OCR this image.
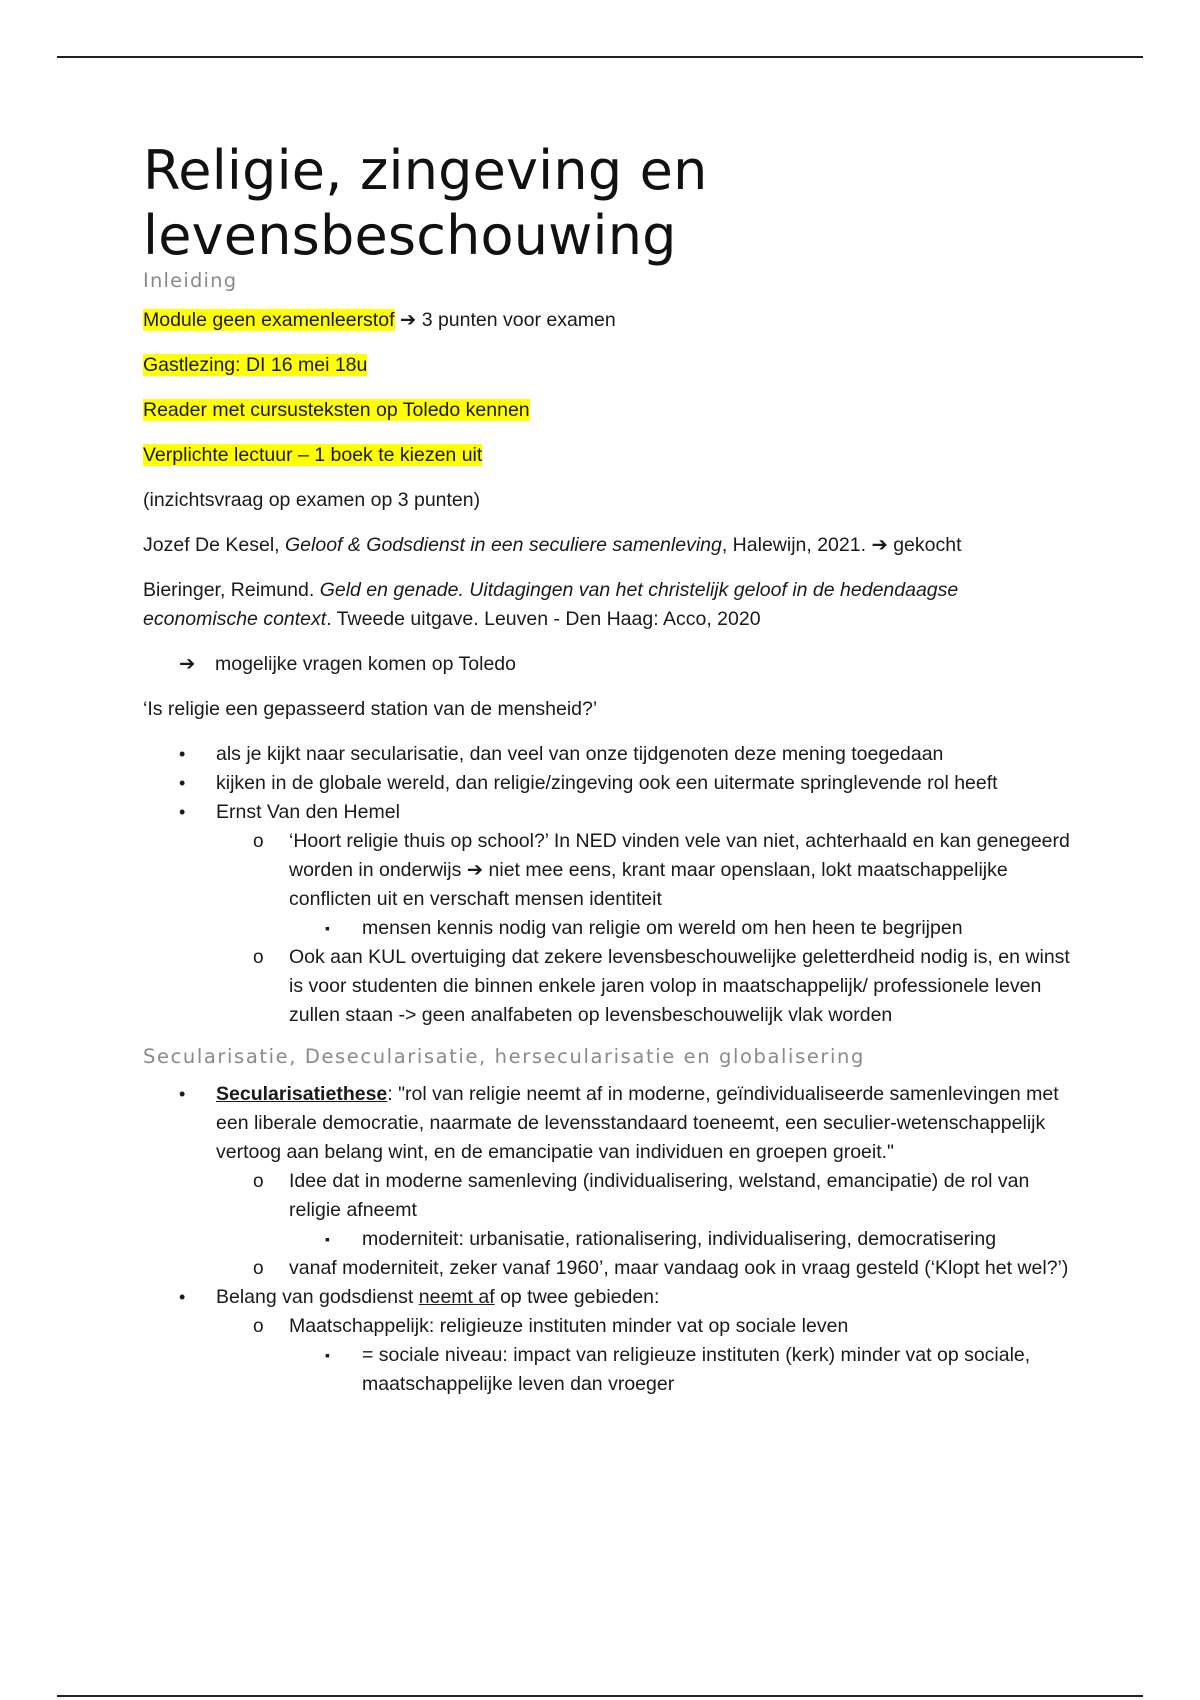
Religie, zingeving en levensbeschouwing
Inleiding

Module geen examenleerstof ➔ 3 punten voor examen

Gastlezing: DI 16 mei 18u

Reader met cursusteksten op Toledo kennen

Verplichte lectuur – 1 boek te kiezen uit

(inzichtsvraag op examen op 3 punten)

Jozef De Kesel, Geloof & Godsdienst in een seculiere samenleving, Halewijn, 2021. ➔ gekocht

Bieringer, Reimund. Geld en genade. Uitdagingen van het christelijk geloof in de hedendaagse economische context. Tweede uitgave. Leuven - Den Haag: Acco, 2020

➔ mogelijke vragen komen op Toledo

‘Is religie een gepasseerd station van de mensheid?’

• als je kijkt naar secularisatie, dan veel van onze tijdgenoten deze mening toegedaan
• kijken in de globale wereld, dan religie/zingeving ook een uitermate springlevende rol heeft
• Ernst Van den Hemel
o ‘Hoort religie thuis op school?’ In NED vinden vele van niet, achterhaald en kan genegeerd worden in onderwijs ➔ niet mee eens, krant maar openslaan, lokt maatschappelijke conflicten uit en verschaft mensen identiteit
▪ mensen kennis nodig van religie om wereld om hen heen te begrijpen
o Ook aan KUL overtuiging dat zekere levensbeschouwelijke geletterdheid nodig is, en winst is voor studenten die binnen enkele jaren volop in maatschappelijk/ professionele leven zullen staan -> geen analfabeten op levensbeschouwelijk vlak worden
Secularisatie, Desecularisatie, hersecularisatie en globalisering
• Secularisatiethese: "rol van religie neemt af in moderne, geïndividualiseerde samenlevingen met een liberale democratie, naarmate de levensstandaard toeneemt, een seculier-wetenschappelijk vertoog aan belang wint, en de emancipatie van individuen en groepen groeit."
o Idee dat in moderne samenleving (individualisering, welstand, emancipatie) de rol van religie afneemt
▪ moderniteit: urbanisatie, rationalisering, individualisering, democratisering
o vanaf moderniteit, zeker vanaf 1960’, maar vandaag ook in vraag gesteld (‘Klopt het wel?’)
• Belang van godsdienst neemt af op twee gebieden:
o Maatschappelijk: religieuze instituten minder vat op sociale leven
▪ = sociale niveau: impact van religieuze instituten (kerk) minder vat op sociale, maatschappelijke leven dan vroeger
